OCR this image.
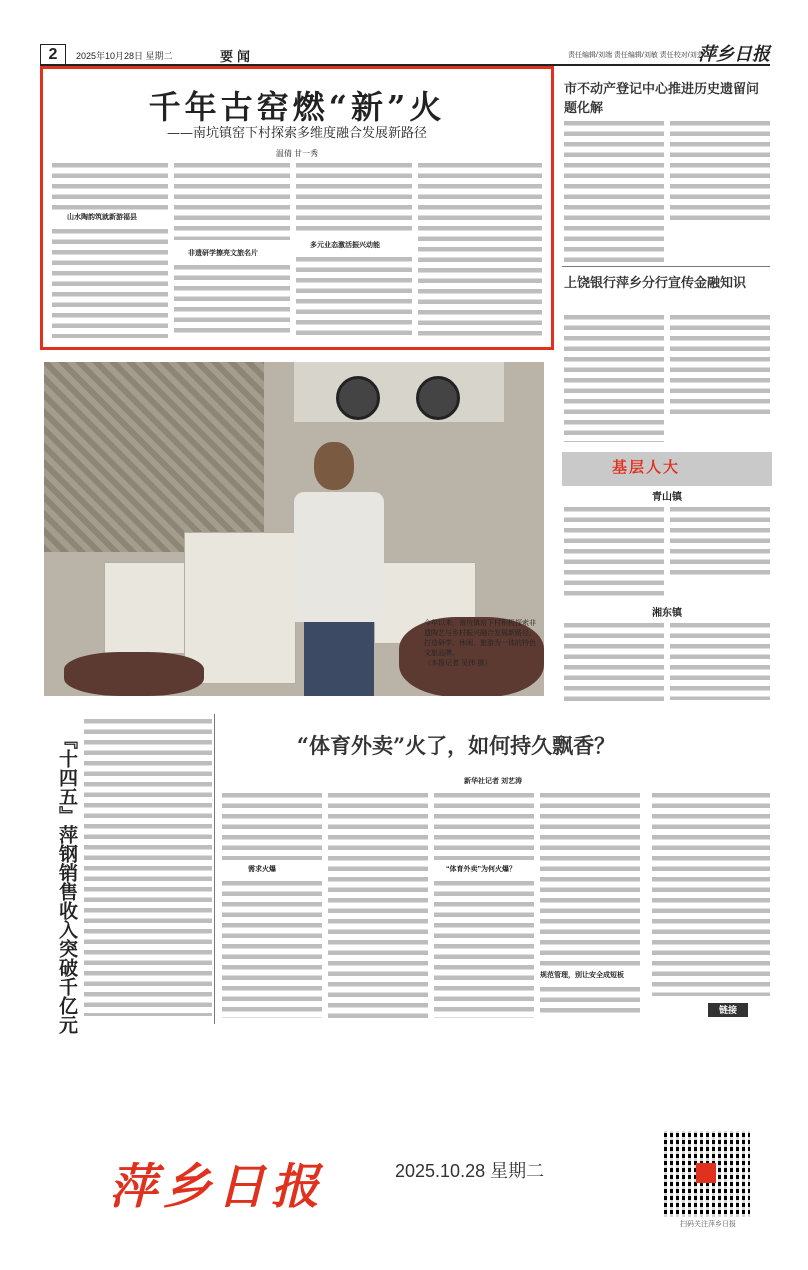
2	2025年10月28日 星期二	要闻	责任编辑/刘端 责任编辑/刘敏 责任校对/刘芸
萍乡日报
千年古窑燃“新”火
——南坑镇窑下村探索多维度融合发展新路径
温倩 甘一秀
山水陶韵筑就新游福县
非遗研学擦亮文旅名片
多元业态激活振兴动能
市不动产登记中心推进历史遗留问题化解
上饶银行萍乡分行宣传金融知识
基层人大
青山镇
湘东镇
今年以来，南坑镇窑下村积极探索非遗陶艺与乡村振兴融合发展新路径，打造研学、休闲、旅游为一体的特色文旅品牌。
（本报记者 吴伟 摄）
『十四五』萍钢销售收入突破千亿元	“体育外卖”火了，如何持久飘香？
新华社记者 刘艺涛
需求火爆	“体育外卖”为何火爆？
规范管理，别让安全成短板
链接
萍乡日报	2025.10.28 星期二
扫码关注萍乡日报
